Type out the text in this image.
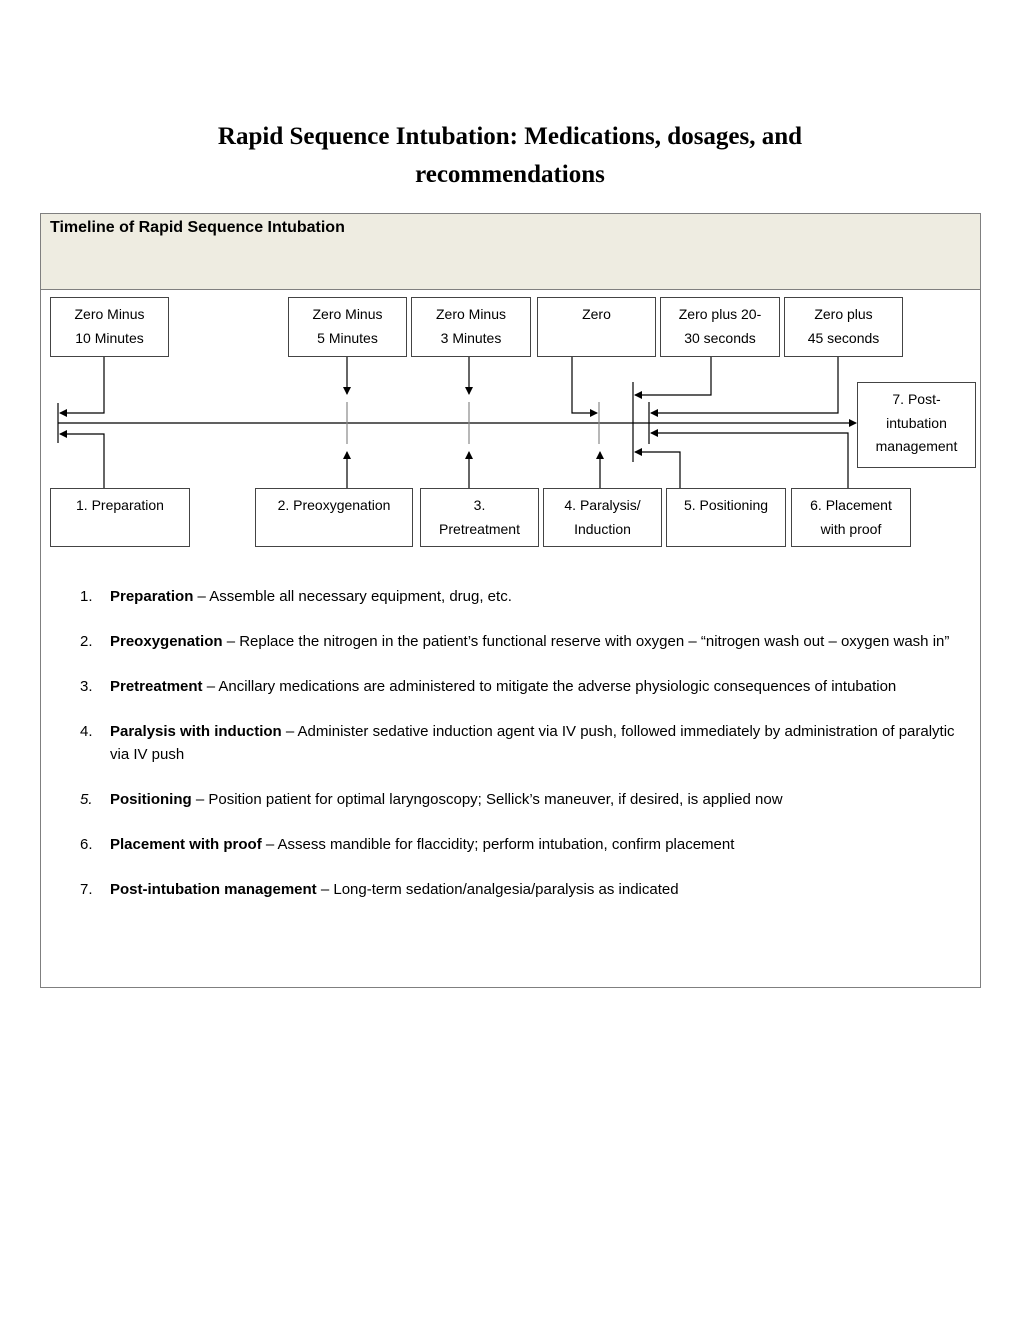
Rapid Sequence Intubation: Medications, dosages, and
recommendations
Timeline of Rapid Sequence Intubation
Zero Minus
10 Minutes
Zero Minus
5 Minutes
Zero Minus
3 Minutes
Zero	Zero plus 20-
30 seconds
Zero plus
45 seconds
7. Post-
intubation
management
1. Preparation	2. Preoxygenation	3.
Pretreatment
4. Paralysis/
Induction
5. Positioning	6. Placement
with proof
1. Preparation – Assemble all necessary equipment, drug, etc.
2. Preoxygenation – Replace the nitrogen in the patient’s functional reserve with oxygen – “nitrogen wash out – oxygen wash in”
3. Pretreatment – Ancillary medications are administered to mitigate the adverse physiologic consequences of intubation
4. Paralysis with induction – Administer sedative induction agent via IV push, followed immediately by administration of paralytic via IV push
5. Positioning – Position patient for optimal laryngoscopy; Sellick’s maneuver, if desired, is applied now
6. Placement with proof – Assess mandible for flaccidity; perform intubation, confirm placement
7. Post-intubation management – Long-term sedation/analgesia/paralysis as indicated
